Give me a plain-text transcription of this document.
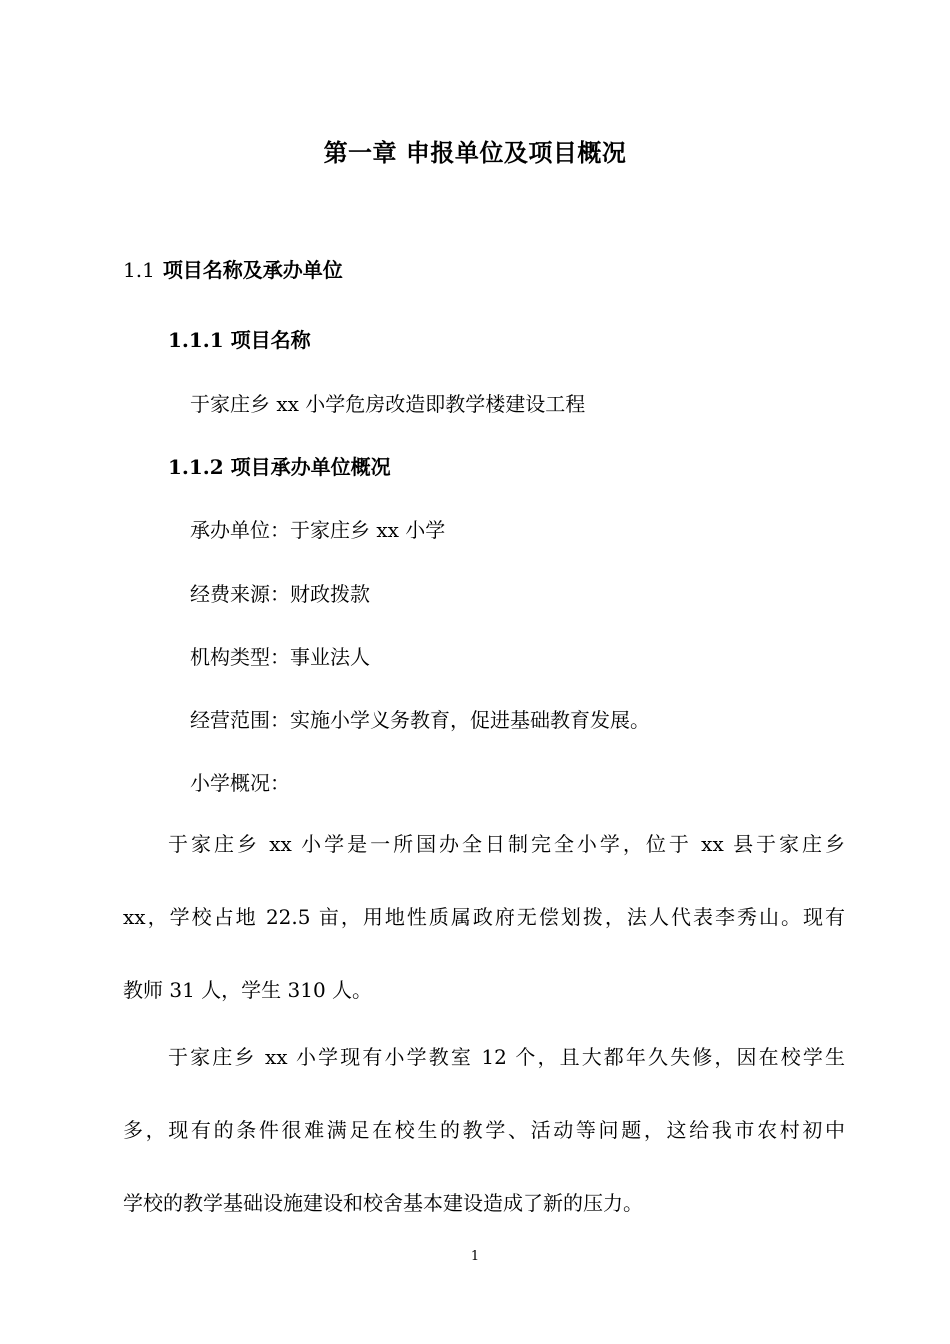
第一章 申报单位及项目概况
1.1 项目名称及承办单位
1.1.1 项目名称
于家庄乡 xx 小学危房改造即教学楼建设工程
1.1.2 项目承办单位概况
承办单位：于家庄乡 xx 小学
经费来源：财政拨款
机构类型：事业法人
经营范围：实施小学义务教育，促进基础教育发展。
小学概况：
于家庄乡 xx 小学是一所国办全日制完全小学，位于 xx 县于家庄乡
xx，学校占地 22.5 亩，用地性质属政府无偿划拨，法人代表李秀山。现有
教师 31 人，学生 310 人。
于家庄乡 xx 小学现有小学教室 12 个，且大都年久失修，因在校学生
多，现有的条件很难满足在校生的教学、活动等问题，这给我市农村初中
学校的教学基础设施建设和校舍基本建设造成了新的压力。
1
